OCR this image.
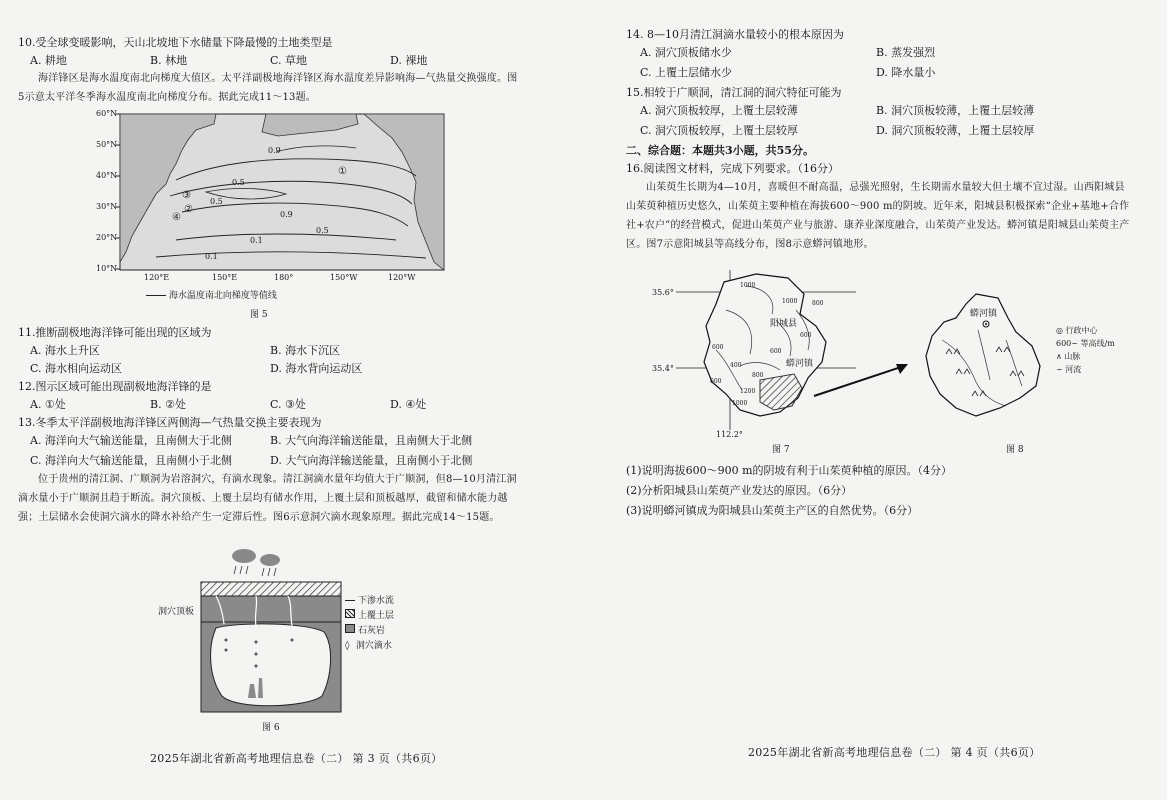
10.受全球变暖影响，天山北坡地下水储量下降最慢的土地类型是
A. 耕地	B. 林地	C. 草地	D. 裸地
海洋锋区是海水温度南北向梯度大值区。太平洋副极地海洋锋区海水温度差异影响海—气热量交换强度。图5示意太平洋冬季海水温度南北向梯度分布。据此完成11～13题。
60°N
50°N
40°N
30°N
20°N
10°N
0.9
0.5
0.9
0.5
0.1
0.1
0.5
①
②
③
④
120°E	150°E	180°	150°W	120°W
海水温度南北向梯度等值线
图 5
11.推断副极地海洋锋可能出现的区域为
A. 海水上升区	B. 海水下沉区
C. 海水相向运动区	D. 海水背向运动区
12.图示区域可能出现副极地海洋锋的是
A. ①处	B. ②处	C. ③处	D. ④处
13.冬季太平洋副极地海洋锋区两侧海—气热量交换主要表现为
A. 海洋向大气输送能量，且南侧大于北侧	B. 大气向海洋输送能量，且南侧大于北侧
C. 海洋向大气输送能量，且南侧小于北侧	D. 大气向海洋输送能量，且南侧小于北侧
位于贵州的清江洞、广顺洞为岩溶洞穴，有滴水现象。清江洞滴水量年均值大于广顺洞，但8—10月清江洞滴水量小于广顺洞且趋于断流。洞穴顶板、上覆土层均有储水作用，上覆土层和顶板越厚，截留和储水能力越强；土层储水会使洞穴滴水的降水补给产生一定滞后性。图6示意洞穴滴水现象原理。据此完成14～15题。
洞穴顶板
下渗水流
上覆土层
石灰岩
◊ 洞穴滴水
图 6
2025年湖北省新高考地理信息卷（二） 第 3 页（共6页）
14. 8—10月清江洞滴水量较小的根本原因为
A. 洞穴顶板储水少	B. 蒸发强烈
C. 上覆土层储水少	D. 降水量小
15.相较于广顺洞，清江洞的洞穴特征可能为
A. 洞穴顶板较厚，上覆土层较薄	B. 洞穴顶板较薄，上覆土层较薄
C. 洞穴顶板较厚，上覆土层较厚	D. 洞穴顶板较薄，上覆土层较厚
二、综合题：本题共3小题，共55分。
16.阅读图文材料，完成下列要求。（16分）
山茱萸生长期为4—10月，喜暖但不耐高温，忌强光照射，生长期需水量较大但土壤不宜过湿。山西阳城县山茱萸种植历史悠久，山茱萸主要种植在海拔600～900 m的阴坡。近年来，阳城县积极探索“企业+基地+合作社+农户”的经营模式，促进山茱萸产业与旅游、康养业深度融合，山茱萸产业发达。蟒河镇是阳城县山茱萸主产区。图7示意阳城县等高线分布，图8示意蟒河镇地形。
35.6°
35.4°
112.2°
阳城县
蟒河镇
1000
600
400
600
800
1200
1000
600
800
1000
600
蟒河镇
◎ 行政中心
600~ 等高线/m
∧ 山脉
∽ 河流
图 7	图 8
(1)说明海拔600～900 m的阴坡有利于山茱萸种植的原因。（4分）
(2)分析阳城县山茱萸产业发达的原因。（6分）
(3)说明蟒河镇成为阳城县山茱萸主产区的自然优势。（6分）
2025年湖北省新高考地理信息卷（二） 第 4 页（共6页）
